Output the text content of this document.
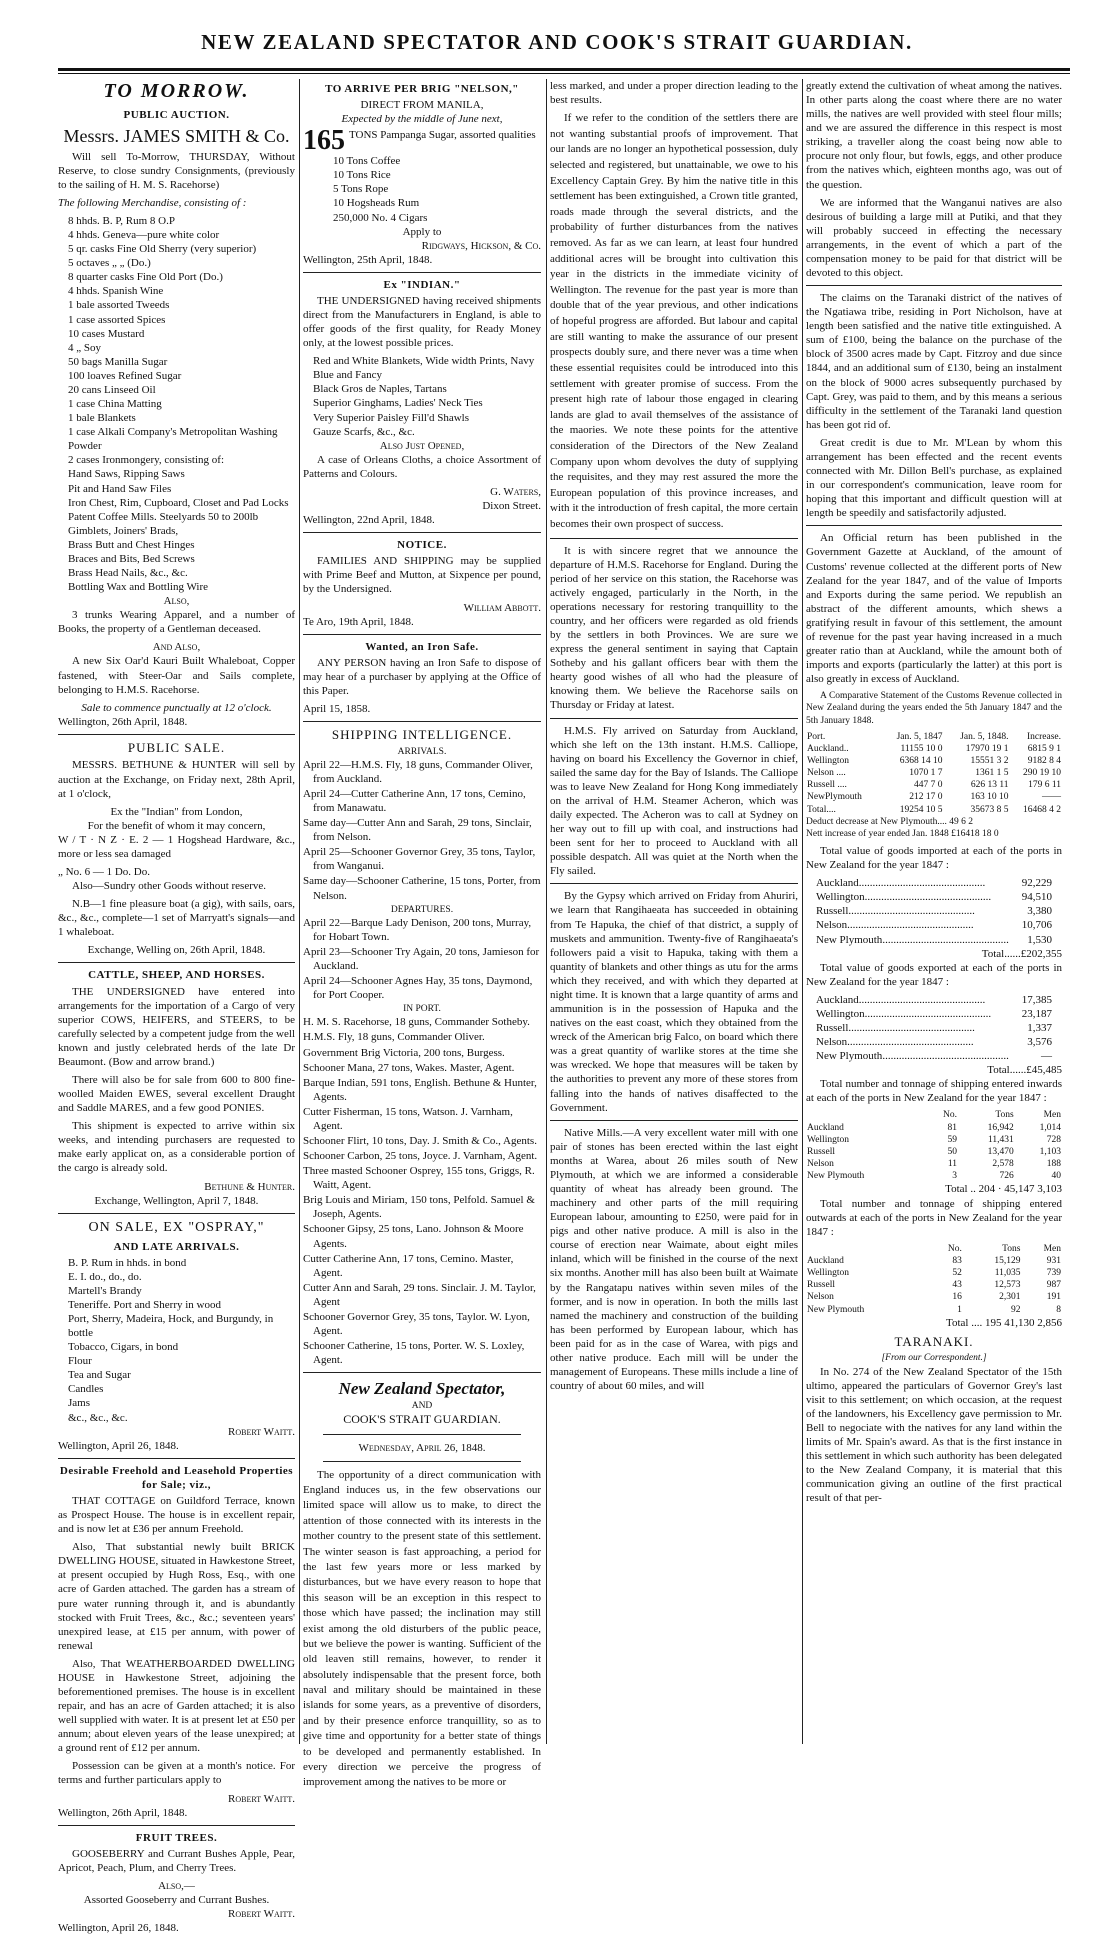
NEW ZEALAND SPECTATOR AND COOK'S STRAIT GUARDIAN.
TO MORROW.
PUBLIC AUCTION.
Messrs. JAMES SMITH & Co.

Will sell To-Morrow, THURSDAY, Without Reserve, to close sundry Consignments, (previously to the sailing of H. M. S. Racehorse)

The following Merchandise, consisting of :

8 hhds. B. P, Rum 8 O.P
4 hhds. Geneva—pure white color
5 qr. casks Fine Old Sherry (very superior)
5 octaves „ „ (Do.)
8 quarter casks Fine Old Port (Do.)
4 hhds. Spanish Wine
1 bale assorted Tweeds
1 case assorted Spices
10 cases Mustard
4 „ Soy
50 bags Manilla Sugar
100 loaves Refined Sugar
20 cans Linseed Oil
1 case China Matting
1 bale Blankets
1 case Alkali Company's Metropolitan Washing Powder
2 cases Ironmongery, consisting of:
Hand Saws, Ripping Saws
Pit and Hand Saw Files
Iron Chest, Rim, Cupboard, Closet and Pad Locks
Patent Coffee Mills. Steelyards 50 to 200lb
Gimblets, Joiners' Brads,
Brass Butt and Chest Hinges
Braces and Bits, Bed Screws
Brass Head Nails, &c., &c.
Bottling Wax and Bottling Wire
Also,

3 trunks Wearing Apparel, and a number of Books, the property of a Gentleman deceased.

And Also,

A new Six Oar'd Kauri Built Whaleboat, Copper fastened, with Steer-Oar and Sails complete, belonging to H.M.S. Racehorse.

Sale to commence punctually at 12 o'clock.
Wellington, 26th April, 1848.
PUBLIC SALE.

MESSRS. BETHUNE & HUNTER will sell by auction at the Exchange, on Friday next, 28th April, at 1 o'clock,

Ex the "Indian" from London,
For the benefit of whom it may concern,

W / T · N Z · E. 2 — 1 Hogshead Hardware, &c., more or less sea damaged

„ No. 6 — 1 Do. Do.

Also—Sundry other Goods without reserve.

N.B—1 fine pleasure boat (a gig), with sails, oars, &c., &c., complete—1 set of Marryatt's signals—and 1 whaleboat.

Exchange, Welling on, 26th April, 1848.
CATTLE, SHEEP, AND HORSES.

THE UNDERSIGNED have entered into arrangements for the importation of a Cargo of very superior COWS, HEIFERS, and STEERS, to be carefully selected by a competent judge from the well known and justly celebrated herds of the late Dr Beaumont. (Bow and arrow brand.)

There will also be for sale from 600 to 800 fine-woolled Maiden EWES, several excellent Draught and Saddle MARES, and a few good PONIES.

This shipment is expected to arrive within six weeks, and intending purchasers are requested to make early applicat on, as a considerable portion of the cargo is already sold.

Bethune & Hunter.
Exchange, Wellington, April 7, 1848.
ON SALE, EX "OSPRAY,"
AND LATE ARRIVALS.
B. P. Rum in hhds. in bond
E. I. do., do., do.
Martell's Brandy
Teneriffe. Port and Sherry in wood
Port, Sherry, Madeira, Hock, and Burgundy, in bottle
Tobacco, Cigars, in bond
Flour
Tea and Sugar
Candles
Jams
&c., &c., &c.
Robert Waitt.
Wellington, April 26, 1848.
Desirable Freehold and Leasehold Properties for Sale; viz.,

THAT COTTAGE on Guildford Terrace, known as Prospect House. The house is in excellent repair, and is now let at £36 per annum Freehold.

Also, That substantial newly built BRICK DWELLING HOUSE, situated in Hawkestone Street, at present occupied by Hugh Ross, Esq., with one acre of Garden attached. The garden has a stream of pure water running through it, and is abundantly stocked with Fruit Trees, &c., &c.; seventeen years' unexpired lease, at £15 per annum, with power of renewal

Also, That WEATHERBOARDED DWELLING HOUSE in Hawkestone Street, adjoining the beforementioned premises. The house is in excellent repair, and has an acre of Garden attached; it is also well supplied with water. It is at present let at £50 per annum; about eleven years of the lease unexpired; at a ground rent of £12 per annum.

Possession can be given at a month's notice. For terms and further particulars apply to

Robert Waitt.
Wellington, 26th April, 1848.
FRUIT TREES.

GOOSEBERRY and Currant Bushes Apple, Pear, Apricot, Peach, Plum, and Cherry Trees.

Also,—
Assorted Gooseberry and Currant Bushes.
Robert Waitt.
Wellington, April 26, 1848.
TO ARRIVE PER BRIG "NELSON,"
DIRECT FROM MANILA,
Expected by the middle of June next,
165 TONS Pampanga Sugar, assorted qualities
10 Tons Coffee
10 Tons Rice
5 Tons Rope
10 Hogsheads Rum
250,000 No. 4 Cigars
Apply to
Ridgways, Hickson, & Co.
Wellington, 25th April, 1848.
Ex "INDIAN."

THE UNDERSIGNED having received shipments direct from the Manufacturers in England, is able to offer goods of the first quality, for Ready Money only, at the lowest possible prices.

Red and White Blankets, Wide width Prints, Navy Blue and Fancy
Black Gros de Naples, Tartans
Superior Ginghams, Ladies' Neck Ties
Very Superior Paisley Fill'd Shawls
Gauze Scarfs, &c., &c.
Also Just Opened,

A case of Orleans Cloths, a choice Assortment of Patterns and Colours.

G. Waters,
Dixon Street.
Wellington, 22nd April, 1848.
NOTICE.

FAMILIES AND SHIPPING may be supplied with Prime Beef and Mutton, at Sixpence per pound, by the Undersigned.

William Abbott.
Te Aro, 19th April, 1848.
Wanted, an Iron Safe.

ANY PERSON having an Iron Safe to dispose of may hear of a purchaser by applying at the Office of this Paper.

April 15, 1858.
SHIPPING INTELLIGENCE.
ARRIVALS.
April 22—H.M.S. Fly, 18 guns, Commander Oliver, from Auckland.
April 24—Cutter Catherine Ann, 17 tons, Cemino, from Manawatu.
Same day—Cutter Ann and Sarah, 29 tons, Sinclair, from Nelson.
April 25—Schooner Governor Grey, 35 tons, Taylor, from Wanganui.
Same day—Schooner Catherine, 15 tons, Porter, from Nelson.
DEPARTURES.
April 22—Barque Lady Denison, 200 tons, Murray, for Hobart Town.
April 23—Schooner Try Again, 20 tons, Jamieson for Auckland.
April 24—Schooner Agnes Hay, 35 tons, Daymond, for Port Cooper.
IN PORT.
H. M. S. Racehorse, 18 guns, Commander Sotheby.
H.M.S. Fly, 18 guns, Commander Oliver.
Government Brig Victoria, 200 tons, Burgess.
Schooner Mana, 27 tons, Wakes. Master, Agent.
Barque Indian, 591 tons, English. Bethune & Hunter, Agents.
Cutter Fisherman, 15 tons, Watson. J. Varnham, Agent.
Schooner Flirt, 10 tons, Day. J. Smith & Co., Agents.
Schooner Carbon, 25 tons, Joyce. J. Varnham, Agent.
Three masted Schooner Osprey, 155 tons, Griggs, R. Waitt, Agent.
Brig Louis and Miriam, 150 tons, Pelfold. Samuel & Joseph, Agents.
Schooner Gipsy, 25 tons, Lano. Johnson & Moore Agents.
Cutter Catherine Ann, 17 tons, Cemino. Master, Agent.
Cutter Ann and Sarah, 29 tons. Sinclair. J. M. Taylor, Agent
Schooner Governor Grey, 35 tons, Taylor. W. Lyon, Agent.
Schooner Catherine, 15 tons, Porter. W. S. Loxley, Agent.
New Zealand Spectator,
AND
COOK'S STRAIT GUARDIAN.
Wednesday, April 26, 1848.

The opportunity of a direct communication with England induces us, in the few observations our limited space will allow us to make, to direct the attention of those connected with its interests in the mother country to the present state of this settlement. The winter season is fast approaching, a period for the last few years more or less marked by disturbances, but we have every reason to hope that this season will be an exception in this respect to those which have passed; the inclination may still exist among the old disturbers of the public peace, but we believe the power is wanting. Sufficient of the old leaven still remains, however, to render it absolutely indispensable that the present force, both naval and military should be maintained in these islands for some years, as a preventive of disorders, and by their presence enforce tranquillity, so as to give time and opportunity for a better state of things to be developed and permanently established. In every direction we perceive the progress of improvement among the natives to be more or

less marked, and under a proper direction leading to the best results.

If we refer to the condition of the settlers there are not wanting substantial proofs of improvement. That our lands are no longer an hypothetical possession, duly selected and registered, but unattainable, we owe to his Excellency Captain Grey. By him the native title in this settlement has been extinguished, a Crown title granted, roads made through the several districts, and the probability of further disturbances from the natives removed. As far as we can learn, at least four hundred additional acres will be brought into cultivation this year in the districts in the immediate vicinity of Wellington. The revenue for the past year is more than double that of the year previous, and other indications of hopeful progress are afforded. But labour and capital are still wanting to make the assurance of our present prospects doubly sure, and there never was a time when these essential requisites could be introduced into this settlement with greater promise of success. From the present high rate of labour those engaged in clearing lands are glad to avail themselves of the assistance of the maories. We note these points for the attentive consideration of the Directors of the New Zealand Company upon whom devolves the duty of supplying the requisites, and they may rest assured the more the European population of this province increases, and with it the introduction of fresh capital, the more certain becomes their own prospect of success.

It is with sincere regret that we announce the departure of H.M.S. Racehorse for England. During the period of her service on this station, the Racehorse was actively engaged, particularly in the North, in the operations necessary for restoring tranquillity to the country, and her officers were regarded as old friends by the settlers in both Provinces. We are sure we express the general sentiment in saying that Captain Sotheby and his gallant officers bear with them the hearty good wishes of all who had the pleasure of knowing them. We believe the Racehorse sails on Thursday or Friday at latest.

H.M.S. Fly arrived on Saturday from Auckland, which she left on the 13th instant. H.M.S. Calliope, having on board his Excellency the Governor in chief, sailed the same day for the Bay of Islands. The Calliope was to leave New Zealand for Hong Kong immediately on the arrival of H.M. Steamer Acheron, which was daily expected. The Acheron was to call at Sydney on her way out to fill up with coal, and instructions had been sent for her to proceed to Auckland with all possible despatch. All was quiet at the North when the Fly sailed.

By the Gypsy which arrived on Friday from Ahuriri, we learn that Rangihaeata has succeeded in obtaining from Te Hapuka, the chief of that district, a supply of muskets and ammunition. Twenty-five of Rangihaeata's followers paid a visit to Hapuka, taking with them a quantity of blankets and other things as utu for the arms which they received, and with which they departed at night time. It is known that a large quantity of arms and ammunition is in the possession of Hapuka and the natives on the east coast, which they obtained from the wreck of the American brig Falco, on board which there was a great quantity of warlike stores at the time she was wrecked. We hope that measures will be taken by the authorities to prevent any more of these stores from falling into the hands of natives disaffected to the Government.

Native Mills.—A very excellent water mill with one pair of stones has been erected within the last eight months at Warea, about 26 miles south of New Plymouth, at which we are informed a considerable quantity of wheat has already been ground. The machinery and other parts of the mill requiring European labour, amounting to £250, were paid for in pigs and other native produce. A mill is also in the course of erection near Waimate, about eight miles inland, which will be finished in the course of the next six months. Another mill has also been built at Waimate by the Rangatapu natives within seven miles of the former, and is now in operation. In both the mills last named the machinery and construction of the building has been performed by European labour, which has been paid for as in the case of Warea, with pigs and other native produce. Each mill will be under the management of Europeans. These mills include a line of country of about 60 miles, and will

greatly extend the cultivation of wheat among the natives. In other parts along the coast where there are no water mills, the natives are well provided with steel flour mills; and we are assured the difference in this respect is most striking, a traveller along the coast being now able to procure not only flour, but fowls, eggs, and other produce from the natives which, eighteen months ago, was out of the question.

We are informed that the Wanganui natives are also desirous of building a large mill at Putiki, and that they will probably succeed in effecting the necessary arrangements, in the event of which a part of the compensation money to be paid for that district will be devoted to this object.

The claims on the Taranaki district of the natives of the Ngatiawa tribe, residing in Port Nicholson, have at length been satisfied and the native title extinguished. A sum of £100, being the balance on the purchase of the block of 3500 acres made by Capt. Fitzroy and due since 1844, and an additional sum of £130, being an instalment on the block of 9000 acres subsequently purchased by Capt. Grey, was paid to them, and by this means a serious difficulty in the settlement of the Taranaki land question has been got rid of.

Great credit is due to Mr. M'Lean by whom this arrangement has been effected and the recent events connected with Mr. Dillon Bell's purchase, as explained in our correspondent's communication, leave room for hoping that this important and difficult question will at length be speedily and satisfactorily adjusted.

An Official return has been published in the Government Gazette at Auckland, of the amount of Customs' revenue collected at the different ports of New Zealand for the year 1847, and of the value of Imports and Exports during the same period. We republish an abstract of the different amounts, which shews a gratifying result in favour of this settlement, the amount of revenue for the past year having increased in a much greater ratio than at Auckland, while the amount both of imports and exports (particularly the latter) at this port is also greatly in excess of Auckland.

A Comparative Statement of the Customs Revenue collected in New Zealand during the years ended the 5th January 1847 and the 5th January 1848.

Port.	Jan. 5, 1847	Jan. 5, 1848.	Increase.
Auckland..	11155 10 0	17970 19 1	6815 9 1
Wellington	6368 14 10	15551 3 2	9182 8 4
Nelson ....	1070 1 7	1361 1 5	290 19 10
Russell ....	447 7 0	626 13 11	179 6 11
NewPlymouth	212 17 0	163 10 10	——
Total....	19254 10 5	35673 8 5	16468 4 2
Deduct decrease at New Plymouth.... 49 6 2
Nett increase of year ended Jan. 1848 £16418 18 0

Total value of goods imported at each of the ports in New Zealand for the year 1847 :

Auckland ..............................................	92,229
Wellington ..............................................	94,510
Russell ..............................................	3,380
Nelson ..............................................	10,706
New Plymouth ..............................................	1,530
Total......£202,355

Total value of goods exported at each of the ports in New Zealand for the year 1847 :

Auckland ..............................................	17,385
Wellington ..............................................	23,187
Russell ..............................................	1,337
Nelson ..............................................	3,576
New Plymouth ..............................................	—
Total......£45,485

Total number and tonnage of shipping entered inwards at each of the ports in New Zealand for the year 1847 :

	No.	Tons	Men
Auckland	81	16,942	1,014
Wellington	59	11,431	728
Russell	50	13,470	1,103
Nelson	11	2,578	188
New Plymouth	3	726	40
Total .. 204 · 45,147 3,103

Total number and tonnage of shipping entered outwards at each of the ports in New Zealand for the year 1847 :

	No.	Tons	Men
Auckland	83	15,129	931
Wellington	52	11,035	739
Russell	43	12,573	987
Nelson	16	2,301	191
New Plymouth	1	92	8
Total .... 195 41,130 2,856
TARANAKI.
[From our Correspondent.]

In No. 274 of the New Zealand Spectator of the 15th ultimo, appeared the particulars of Governor Grey's last visit to this settlement; on which occasion, at the request of the landowners, his Excellency gave permission to Mr. Bell to negociate with the natives for any land within the limits of Mr. Spain's award. As that is the first instance in this settlement in which such authority has been delegated to the New Zealand Company, it is material that this communication giving an outline of the first practical result of that per-
